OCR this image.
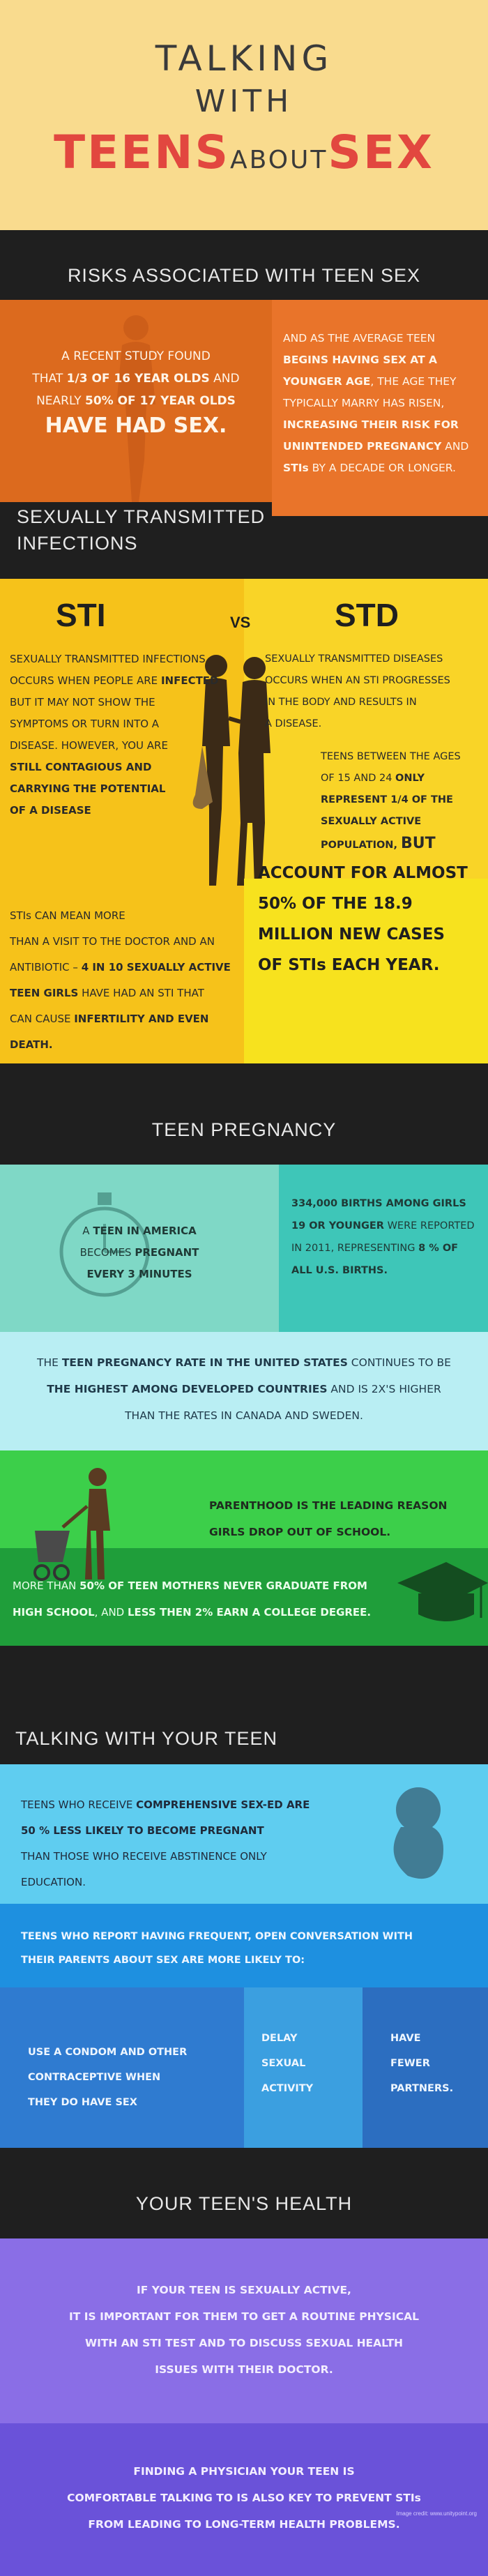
TALKING
WITH
TEENSABOUTSEX
RISKS ASSOCIATED WITH TEEN SEX
A RECENT STUDY FOUND
THAT 1/3 OF 16 YEAR OLDS AND
NEARLY 50% OF 17 YEAR OLDS
HAVE HAD SEX.
AND AS THE AVERAGE TEEN
BEGINS HAVING SEX AT A
YOUNGER AGE, THE AGE THEY
TYPICALLY MARRY HAS RISEN,
INCREASING THEIR RISK FOR
UNINTENDED PREGNANCY AND
STIs BY A DECADE OR LONGER.
SEXUALLY TRANSMITTED
INFECTIONS
STI	VS	STD
SEXUALLY TRANSMITTED INFECTIONS
OCCURS WHEN PEOPLE ARE INFECTED
BUT IT MAY NOT SHOW THE
SYMPTOMS OR TURN INTO A
DISEASE. HOWEVER, YOU ARE
STILL CONTAGIOUS AND
CARRYING THE POTENTIAL
OF A DISEASE
SEXUALLY TRANSMITTED DISEASES
OCCURS WHEN AN STI PROGRESSES
IN THE BODY AND RESULTS IN
A DISEASE.
TEENS BETWEEN THE AGES
OF 15 AND 24 ONLY
REPRESENT 1/4 OF THE
SEXUALLY ACTIVE
POPULATION, BUT
ACCOUNT FOR ALMOST
50% OF THE 18.9
MILLION NEW CASES
OF STIs EACH YEAR.
STIs CAN MEAN MORE
THAN A VISIT TO THE DOCTOR AND AN
ANTIBIOTIC – 4 IN 10 SEXUALLY ACTIVE
TEEN GIRLS HAVE HAD AN STI THAT
CAN CAUSE INFERTILITY AND EVEN
DEATH.
TEEN PREGNANCY
A TEEN IN AMERICA
BECOMES PREGNANT
EVERY 3 MINUTES
334,000 BIRTHS AMONG GIRLS
19 OR YOUNGER WERE REPORTED
IN 2011, REPRESENTING 8 % OF
ALL U.S. BIRTHS.
THE TEEN PREGNANCY RATE IN THE UNITED STATES CONTINUES TO BE
THE HIGHEST AMONG DEVELOPED COUNTRIES AND IS 2X'S HIGHER
THAN THE RATES IN CANADA AND SWEDEN.
PARENTHOOD IS THE LEADING REASON
GIRLS DROP OUT OF SCHOOL.
MORE THAN 50% OF TEEN MOTHERS NEVER GRADUATE FROM
HIGH SCHOOL, AND LESS THEN 2% EARN A COLLEGE DEGREE.
TALKING WITH YOUR TEEN
TEENS WHO RECEIVE COMPREHENSIVE SEX-ED ARE
50 % LESS LIKELY TO BECOME PREGNANT
THAN THOSE WHO RECEIVE ABSTINENCE ONLY
EDUCATION.
TEENS WHO REPORT HAVING FREQUENT, OPEN CONVERSATION WITH
THEIR PARENTS ABOUT SEX ARE MORE LIKELY TO:
USE A CONDOM AND OTHER
CONTRACEPTIVE WHEN
THEY DO HAVE SEX
DELAY
SEXUAL
ACTIVITY
HAVE
FEWER
PARTNERS.
YOUR TEEN'S HEALTH
IF YOUR TEEN IS SEXUALLY ACTIVE,
IT IS IMPORTANT FOR THEM TO GET A ROUTINE PHYSICAL
WITH AN STI TEST AND TO DISCUSS SEXUAL HEALTH
ISSUES WITH THEIR DOCTOR.
FINDING A PHYSICIAN YOUR TEEN IS
COMFORTABLE TALKING TO IS ALSO KEY TO PREVENT STIs
FROM LEADING TO LONG-TERM HEALTH PROBLEMS.
Image credit: www.unitypoint.org
